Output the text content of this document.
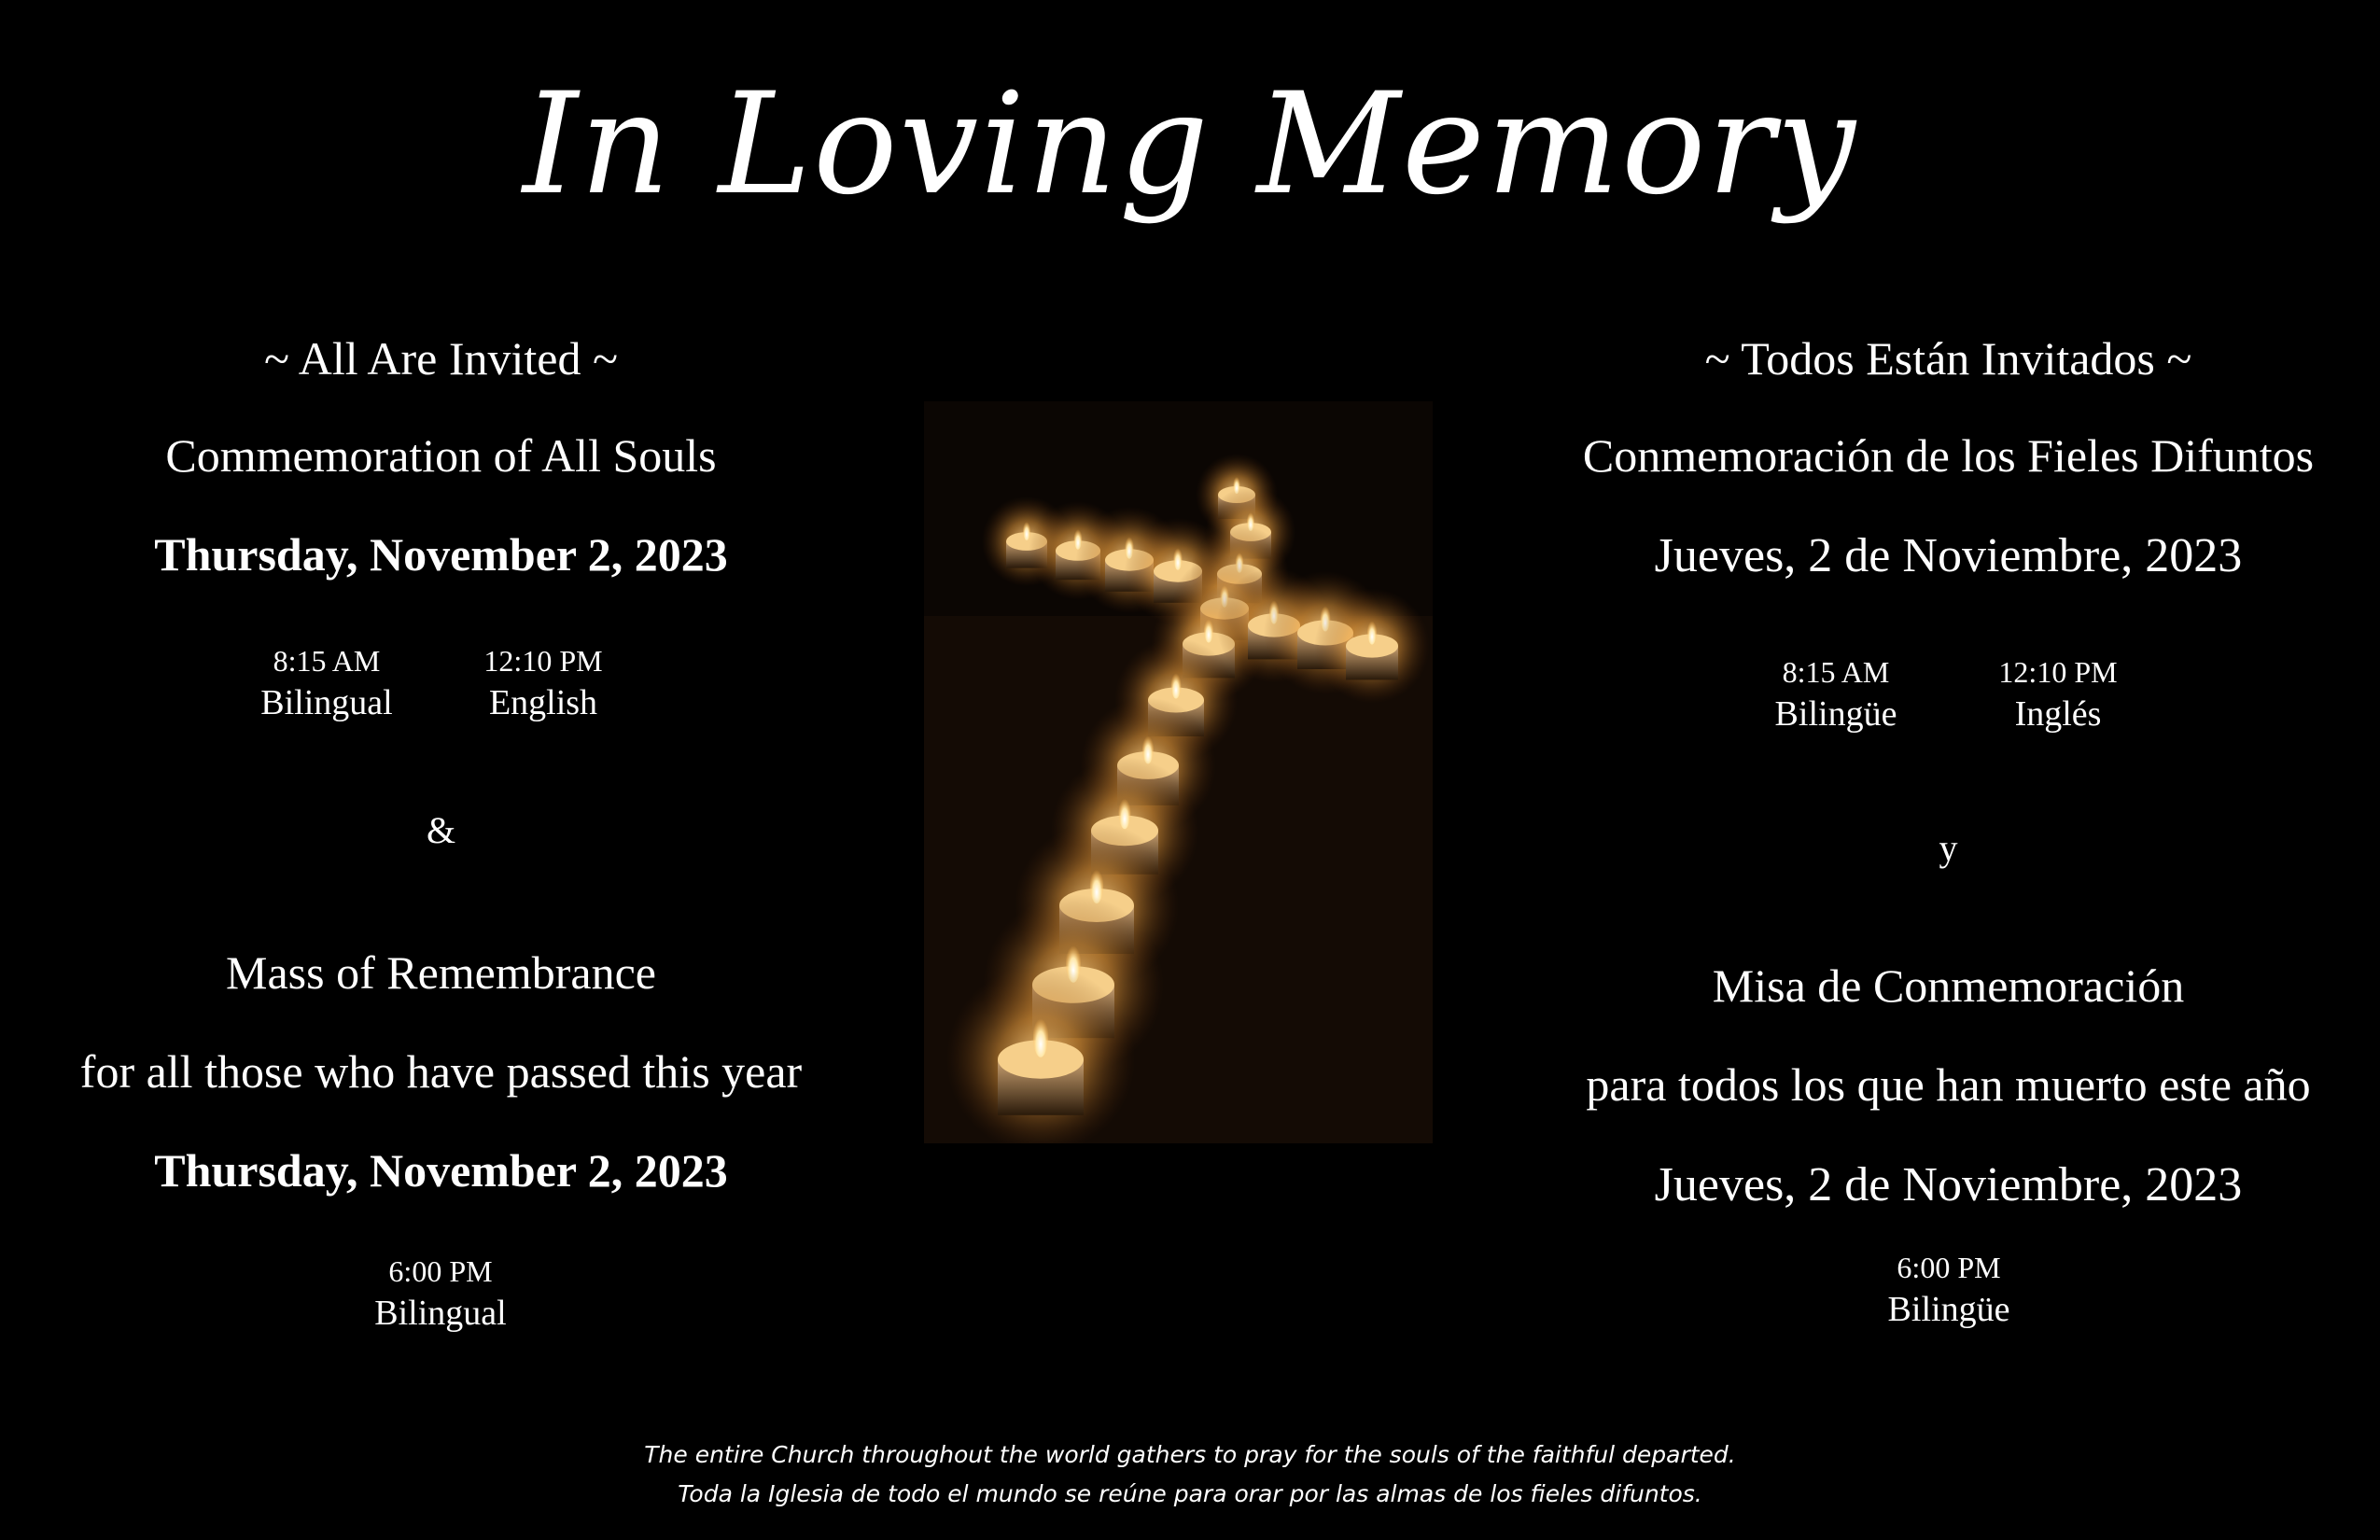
In Loving Memory
~ All Are Invited ~
Commemoration of All Souls
Thursday, November 2, 2023
8:15 AM
Bilingual
12:10 PM
English
&
Mass of Remembrance
for all those who have passed this year
Thursday, November 2, 2023
6:00 PM
Bilingual
~ Todos Están Invitados ~
Conmemoración de los Fieles Difuntos
Jueves, 2 de Noviembre, 2023
8:15 AM
Bilingüe
12:10 PM
Inglés
y
Misa de Conmemoración
para todos los que han muerto este año
Jueves, 2 de Noviembre, 2023
6:00 PM
Bilingüe
The entire Church throughout the world gathers to pray for the souls of the faithful departed.
Toda la Iglesia de todo el mundo se reúne para orar por las almas de los fieles difuntos.
